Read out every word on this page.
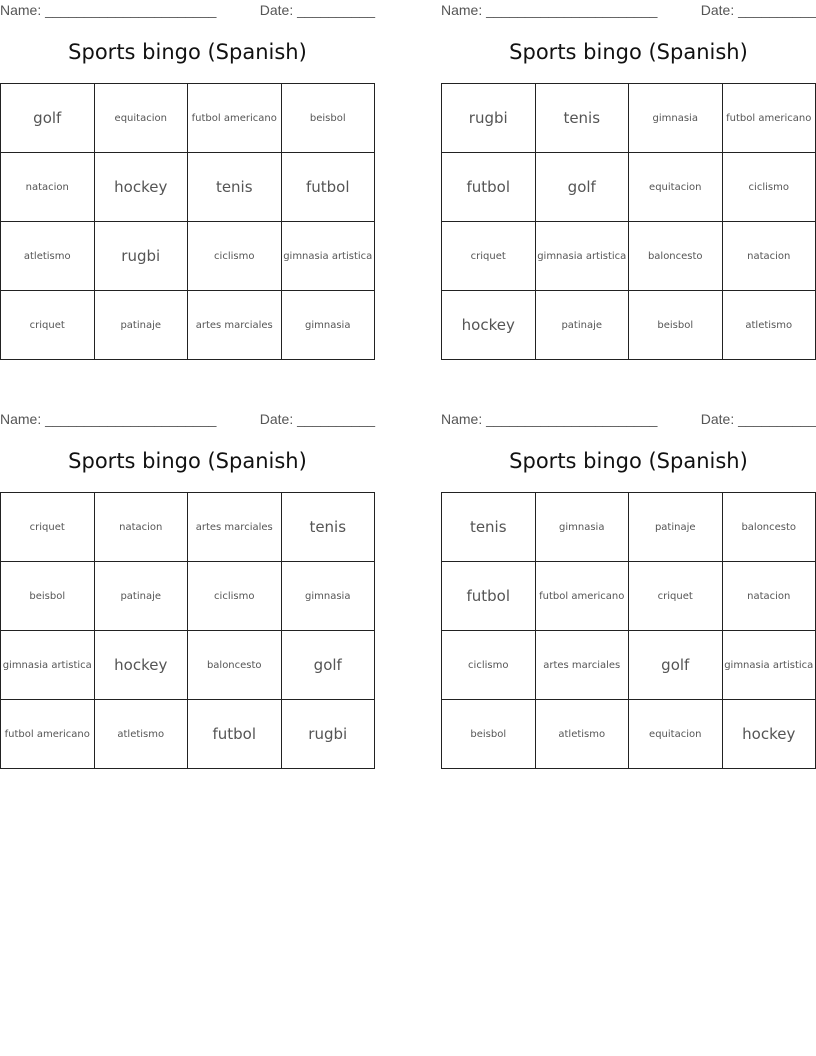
Name: ______________________	Date: __________
Sports bingo (Spanish)
golf	equitacion	futbol americano	beisbol
natacion	hockey	tenis	futbol
atletismo	rugbi	ciclismo	gimnasia artistica
criquet	patinaje	artes marciales	gimnasia
Name: ______________________	Date: __________
Sports bingo (Spanish)
rugbi	tenis	gimnasia	futbol americano
futbol	golf	equitacion	ciclismo
criquet	gimnasia artistica	baloncesto	natacion
hockey	patinaje	beisbol	atletismo
Name: ______________________	Date: __________
Sports bingo (Spanish)
criquet	natacion	artes marciales	tenis
beisbol	patinaje	ciclismo	gimnasia
gimnasia artistica	hockey	baloncesto	golf
futbol americano	atletismo	futbol	rugbi
Name: ______________________	Date: __________
Sports bingo (Spanish)
tenis	gimnasia	patinaje	baloncesto
futbol	futbol americano	criquet	natacion
ciclismo	artes marciales	golf	gimnasia artistica
beisbol	atletismo	equitacion	hockey
